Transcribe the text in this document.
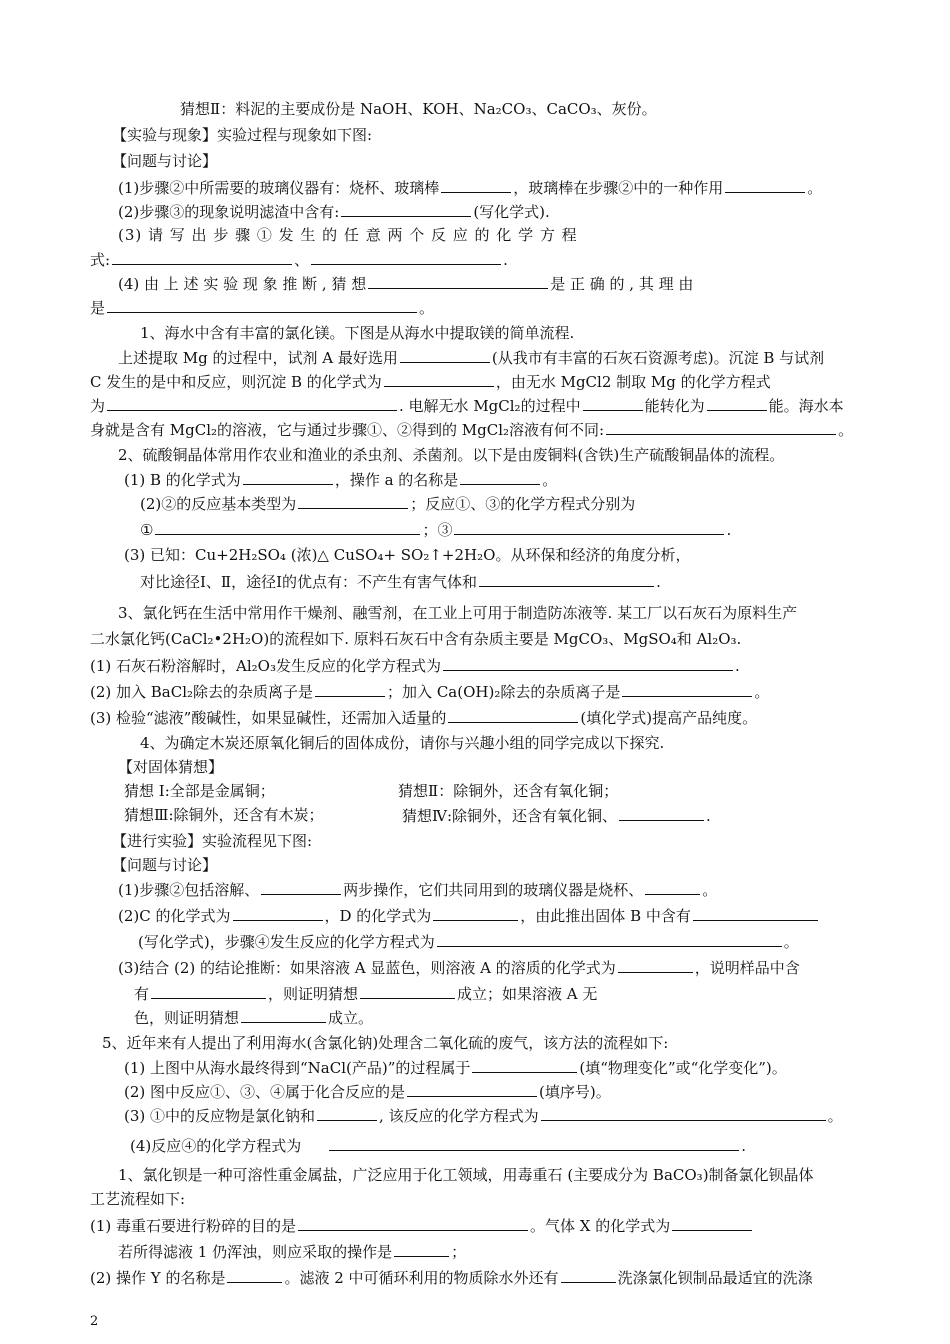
猜想Ⅱ：料泥的主要成份是 NaOH、KOH、Na₂CO₃、CaCO₃、灰份。
【实验与现象】实验过程与现象如下图:
【问题与讨论】
(1)步骤②中所需要的玻璃仪器有：烧杯、玻璃棒	，玻璃棒在步骤②中的一种作用	。
(2)步骤③的现象说明滤渣中含有:	(写化学式).
(3) 请 写 出 步 骤 ① 发 生 的 任 意 两 个 反 应 的 化 学 方 程
式:	、	.
(4) 由 上 述 实 验 现 象 推 断 , 猜 想	是 正 确 的 , 其 理 由
是	。
1、海水中含有丰富的氯化镁。下图是从海水中提取镁的简单流程.
上述提取 Mg 的过程中，试剂 A 最好选用	(从我市有丰富的石灰石资源考虑)。沉淀 B 与试剂
C 发生的是中和反应，则沉淀 B 的化学式为	，由无水 MgCl2 制取 Mg 的化学方程式
为	. 电解无水 MgCl₂的过程中	能转化为	能。海水本
身就是含有 MgCl₂的溶液，它与通过步骤①、②得到的 MgCl₂溶液有何不同:	。
2、硫酸铜晶体常用作农业和渔业的杀虫剂、杀菌剂。以下是由废铜料(含铁)生产硫酸铜晶体的流程。
(1) B 的化学式为	，操作 a 的名称是	。
(2)②的反应基本类型为	；反应①、③的化学方程式分别为
①	；③	.
(3) 已知：Cu+2H₂SO₄ (浓)△ CuSO₄+ SO₂↑+2H₂O。从环保和经济的角度分析，
对比途径Ⅰ、Ⅱ，途径Ⅰ的优点有：不产生有害气体和	.
3、氯化钙在生活中常用作干燥剂、融雪剂，在工业上可用于制造防冻液等. 某工厂以石灰石为原料生产
二水氯化钙(CaCl₂•2H₂O)的流程如下. 原料石灰石中含有杂质主要是 MgCO₃、MgSO₄和 Al₂O₃.
(1) 石灰石粉溶解时，Al₂O₃发生反应的化学方程式为	.
(2) 加入 BaCl₂除去的杂质离子是	；加入 Ca(OH)₂除去的杂质离子是	。
(3) 检验“滤液”酸碱性，如果显碱性，还需加入适量的	(填化学式)提高产品纯度。
4、为确定木炭还原氧化铜后的固体成份，请你与兴趣小组的同学完成以下探究.
【对固体猜想】
猜想 I:全部是金属铜；	猜想Ⅱ：除铜外，还含有氧化铜；
猜想Ⅲ:除铜外，还含有木炭；	猜想Ⅳ:除铜外，还含有氧化铜、	.
【进行实验】实验流程见下图:
【问题与讨论】
(1)步骤②包括溶解、	两步操作，它们共同用到的玻璃仪器是烧杯、	。
(2)C 的化学式为	，D 的化学式为	，由此推出固体 B 中含有
(写化学式)，步骤④发生反应的化学方程式为	。
(3)结合 (2) 的结论推断：如果溶液 A 显蓝色，则溶液 A 的溶质的化学式为	，说明样品中含
有	，则证明猜想	成立；如果溶液 A 无
色，则证明猜想	成立。
5、近年来有人提出了利用海水(含氯化钠)处理含二氧化硫的废气，该方法的流程如下:
(1) 上图中从海水最终得到“NaCl(产品)”的过程属于	(填“物理变化”或“化学变化”)。
(2) 图中反应①、③、④属于化合反应的是	(填序号)。
(3) ①中的反应物是氯化钠和	, 该反应的化学方程式为	。
(4)反应④的化学方程式为	.
1、氯化钡是一种可溶性重金属盐，广泛应用于化工领域，用毒重石 (主要成分为 BaCO₃)制备氯化钡晶体
工艺流程如下:
(1) 毒重石要进行粉碎的目的是	。气体 X 的化学式为
若所得滤液 1 仍浑浊，则应采取的操作是	；
(2) 操作 Y 的名称是	。滤液 2 中可循环利用的物质除水外还有	洗涤氯化钡制品最适宜的洗涤
2
